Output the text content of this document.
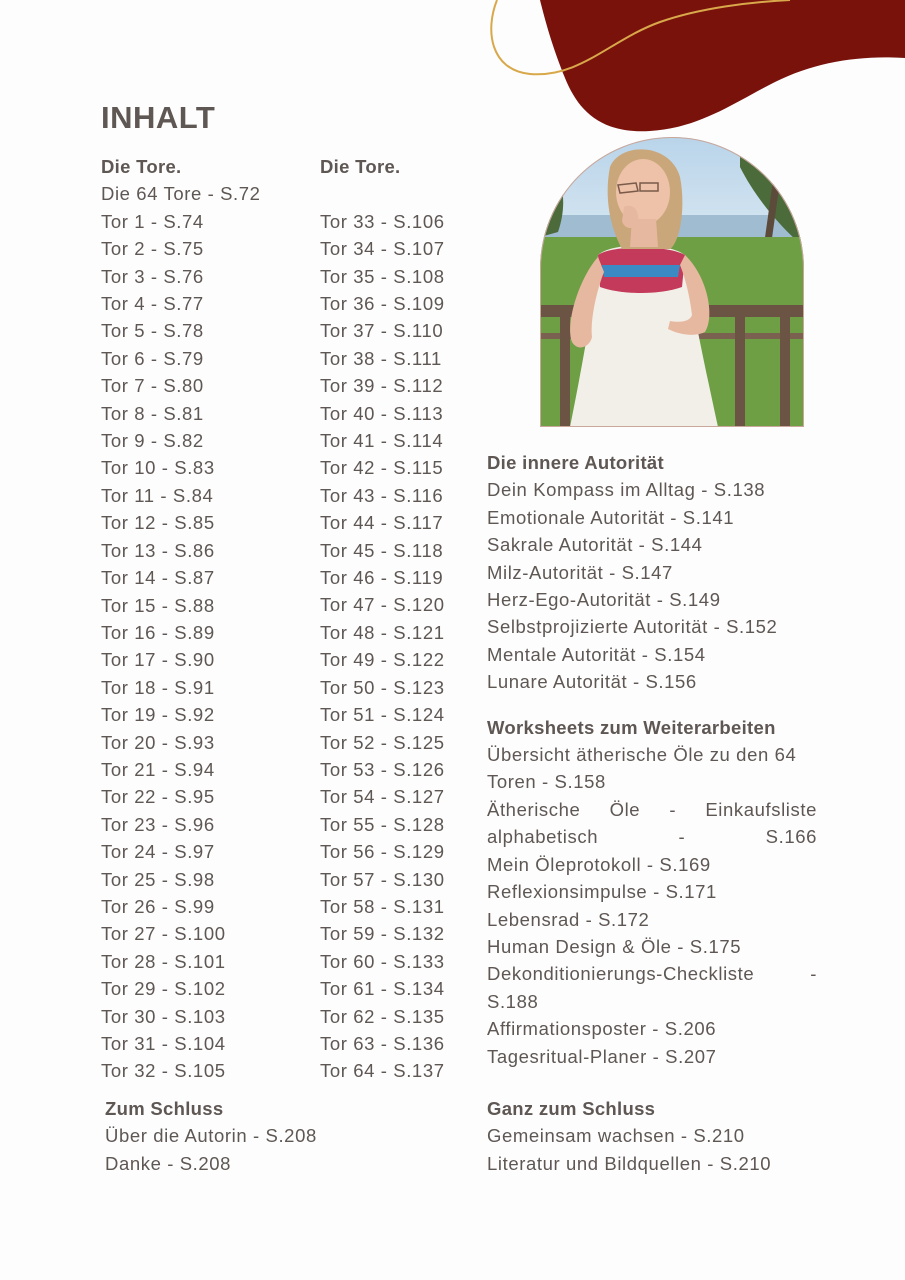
INHALT
Die Tore.
Die 64 Tore - S.72
Tor 1 - S.74
Tor 2 - S.75
Tor 3 - S.76
Tor 4 - S.77
Tor 5 - S.78
Tor 6 - S.79
Tor 7 - S.80
Tor 8 - S.81
Tor 9 - S.82
Tor 10 - S.83
Tor 11 - S.84
Tor 12 - S.85
Tor 13 - S.86
Tor 14 - S.87
Tor 15 - S.88
Tor 16 - S.89
Tor 17 - S.90
Tor 18 - S.91
Tor 19 - S.92
Tor 20 - S.93
Tor 21 - S.94
Tor 22 - S.95
Tor 23 - S.96
Tor 24 - S.97
Tor 25 - S.98
Tor 26 - S.99
Tor 27 - S.100
Tor 28 - S.101
Tor 29 - S.102
Tor 30 - S.103
Tor 31 - S.104
Tor 32 - S.105
Die Tore.
Tor 33 - S.106
Tor 34 - S.107
Tor 35 - S.108
Tor 36 - S.109
Tor 37 - S.110
Tor 38 - S.111
Tor 39 - S.112
Tor 40 - S.113
Tor 41 - S.114
Tor 42 - S.115
Tor 43 - S.116
Tor 44 - S.117
Tor 45 - S.118
Tor 46 - S.119
Tor 47 - S.120
Tor 48 - S.121
Tor 49 - S.122
Tor 50 - S.123
Tor 51 - S.124
Tor 52 - S.125
Tor 53 - S.126
Tor 54 - S.127
Tor 55 - S.128
Tor 56 - S.129
Tor 57 - S.130
Tor 58 - S.131
Tor 59 - S.132
Tor 60 - S.133
Tor 61 - S.134
Tor 62 - S.135
Tor 63 - S.136
Tor 64 - S.137
Die innere Autorität
Dein Kompass im Alltag - S.138
Emotionale Autorität - S.141
Sakrale Autorität - S.144
Milz-Autorität - S.147
Herz-Ego-Autorität - S.149
Selbstprojizierte Autorität - S.152
Mentale Autorität - S.154
Lunare Autorität - S.156
Worksheets zum Weiterarbeiten
Übersicht ätherische Öle zu den 64 Toren - S.158
Ätherische Öle - Einkaufsliste alphabetisch - S.166
Mein Öleprotokoll - S.169
Reflexionsimpulse - S.171
Lebensrad - S.172
Human Design & Öle - S.175
Dekonditionierungs-Checkliste - S.188
Affirmationsposter - S.206
Tagesritual-Planer - S.207
Zum Schluss
Über die Autorin - S.208
Danke - S.208
Ganz zum Schluss
Gemeinsam wachsen - S.210
Literatur und Bildquellen - S.210
